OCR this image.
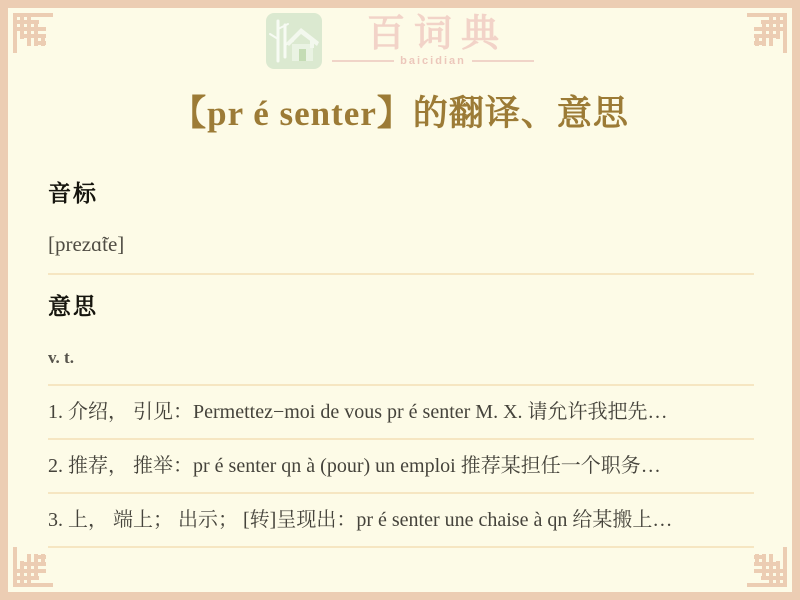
百词典
baicidian
【pr é senter】的翻译、意思
音标
[prezɑ̃te]
意思
v. t.
1. 介绍， 引见：Permettez−moi de vous pr é senter M. X. 请允许我把先…
2. 推荐， 推举：pr é senter qn à (pour) un emploi 推荐某担任一个职务…
3. 上， 端上； 出示； [转]呈现出：pr é senter une chaise à qn 给某搬上…
